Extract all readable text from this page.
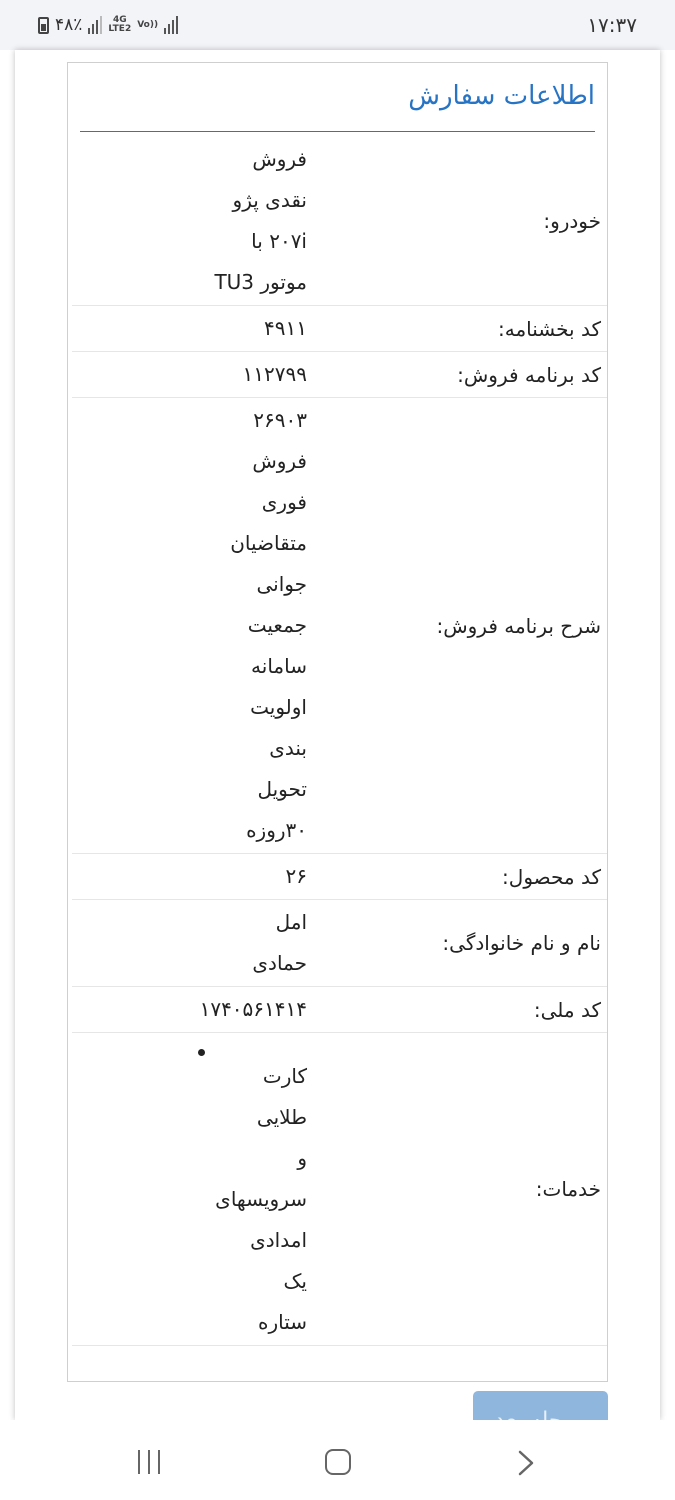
۴۸٪	4G
LTE2 Vo))	۱۷:۳۷
اطلاعات سفارش
خودرو:
فروش
نقدی پژو
۲۰۷i با
موتور TU3
کد بخشنامه:
۴۹۱۱
کد برنامه فروش:
۱۱۲۷۹۹
شرح برنامه فروش:
۲۶۹۰۳
فروش
فوری
متقاضیان
جوانی
جمعیت
سامانه
اولویت
بندی
تحویل
۳۰روزه
کد محصول:
۲۶
نام و نام خانوادگی:
امل
حمادی
کد ملی:
۱۷۴۰۵۶۱۴۱۴
خدمات:
کارت
طلایی
و
سرویسهای
امدادی
یک
ستاره
